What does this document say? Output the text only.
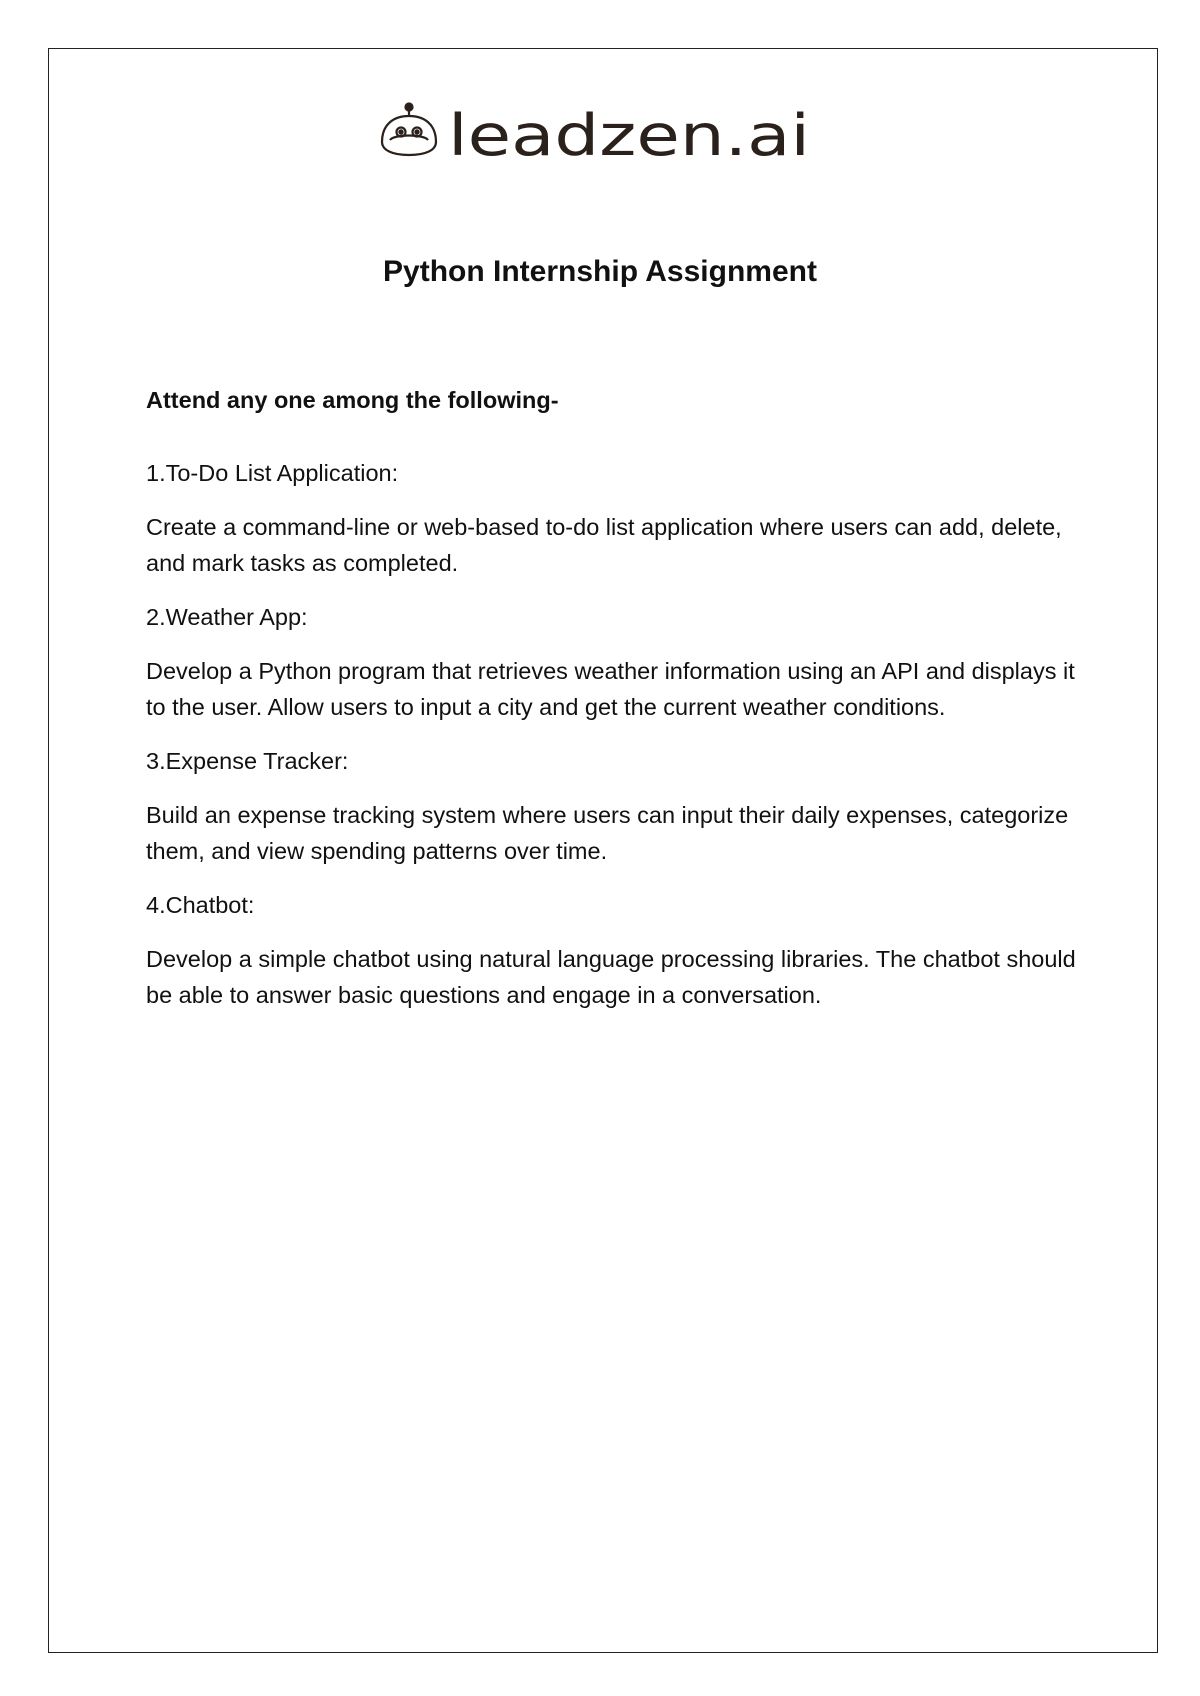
leadzen.ai
Python Internship Assignment

Attend any one among the following-

1.To-Do List Application:

Create a command-line or web-based to-do list application where users can add, delete, and mark tasks as completed.

2.Weather App:

Develop a Python program that retrieves weather information using an API and displays it to the user. Allow users to input a city and get the current weather conditions.

3.Expense Tracker:

Build an expense tracking system where users can input their daily expenses, categorize them, and view spending patterns over time.

4.Chatbot:

Develop a simple chatbot using natural language processing libraries. The chatbot should be able to answer basic questions and engage in a conversation.
